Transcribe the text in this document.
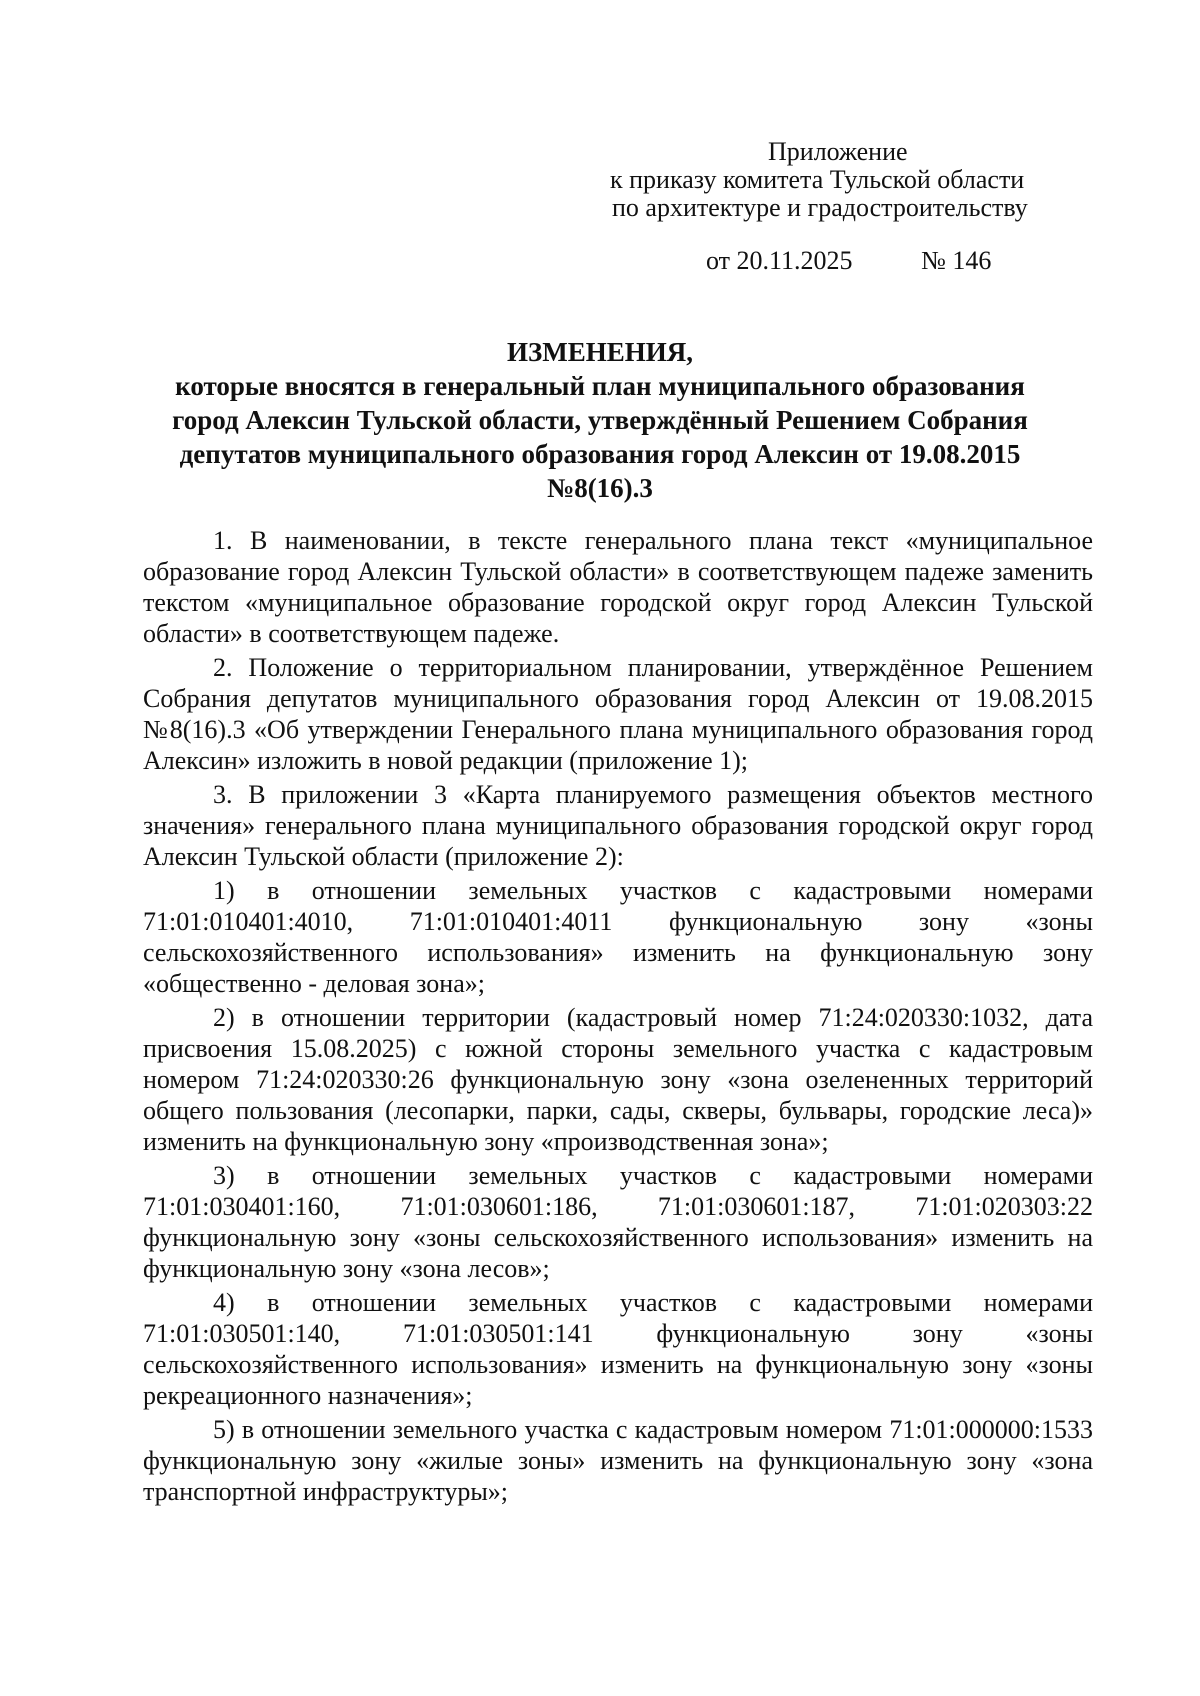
Приложение
к приказу комитета Тульской области
по архитектуре и градостроительству
от 20.11.2025	№ 146
ИЗМЕНЕНИЯ,
которые вносятся в генеральный план муниципального образования
город Алексин Тульской области, утверждённый Решением Собрания
депутатов муниципального образования город Алексин от 19.08.2015
№8(16).3

1. В наименовании, в тексте генерального плана текст «муниципальное образование город Алексин Тульской области» в соответствующем падеже заменить текстом «муниципальное образование городской округ город Алексин Тульской области» в соответствующем падеже.

2. Положение о территориальном планировании, утверждённое Решением Собрания депутатов муниципального образования город Алексин от 19.08.2015 №8(16).3 «Об утверждении Генерального плана муниципального образования город Алексин» изложить в новой редакции (приложение 1);

3. В приложении 3 «Карта планируемого размещения объектов местного значения» генерального плана муниципального образования городской округ город Алексин Тульской области (приложение 2):

1) в отношении земельных участков с кадастровыми номерами 71:01:010401:4010, 71:01:010401:4011 функциональную зону «зоны сельскохозяйственного использования» изменить на функциональную зону «общественно - деловая зона»;

2) в отношении территории (кадастровый номер 71:24:020330:1032, дата присвоения 15.08.2025) с южной стороны земельного участка с кадастровым номером 71:24:020330:26 функциональную зону «зона озелененных территорий общего пользования (лесопарки, парки, сады, скверы, бульвары, городские леса)» изменить на функциональную зону «производственная зона»;

3) в отношении земельных участков с кадастровыми номерами 71:01:030401:160, 71:01:030601:186, 71:01:030601:187, 71:01:020303:22 функциональную зону «зоны сельскохозяйственного использования» изменить на функциональную зону «зона лесов»;

4) в отношении земельных участков с кадастровыми номерами 71:01:030501:140, 71:01:030501:141 функциональную зону «зоны сельскохозяйственного использования» изменить на функциональную зону «зоны рекреационного назначения»;

5) в отношении земельного участка с кадастровым номером 71:01:000000:1533 функциональную зону «жилые зоны» изменить на функциональную зону «зона транспортной инфраструктуры»;
